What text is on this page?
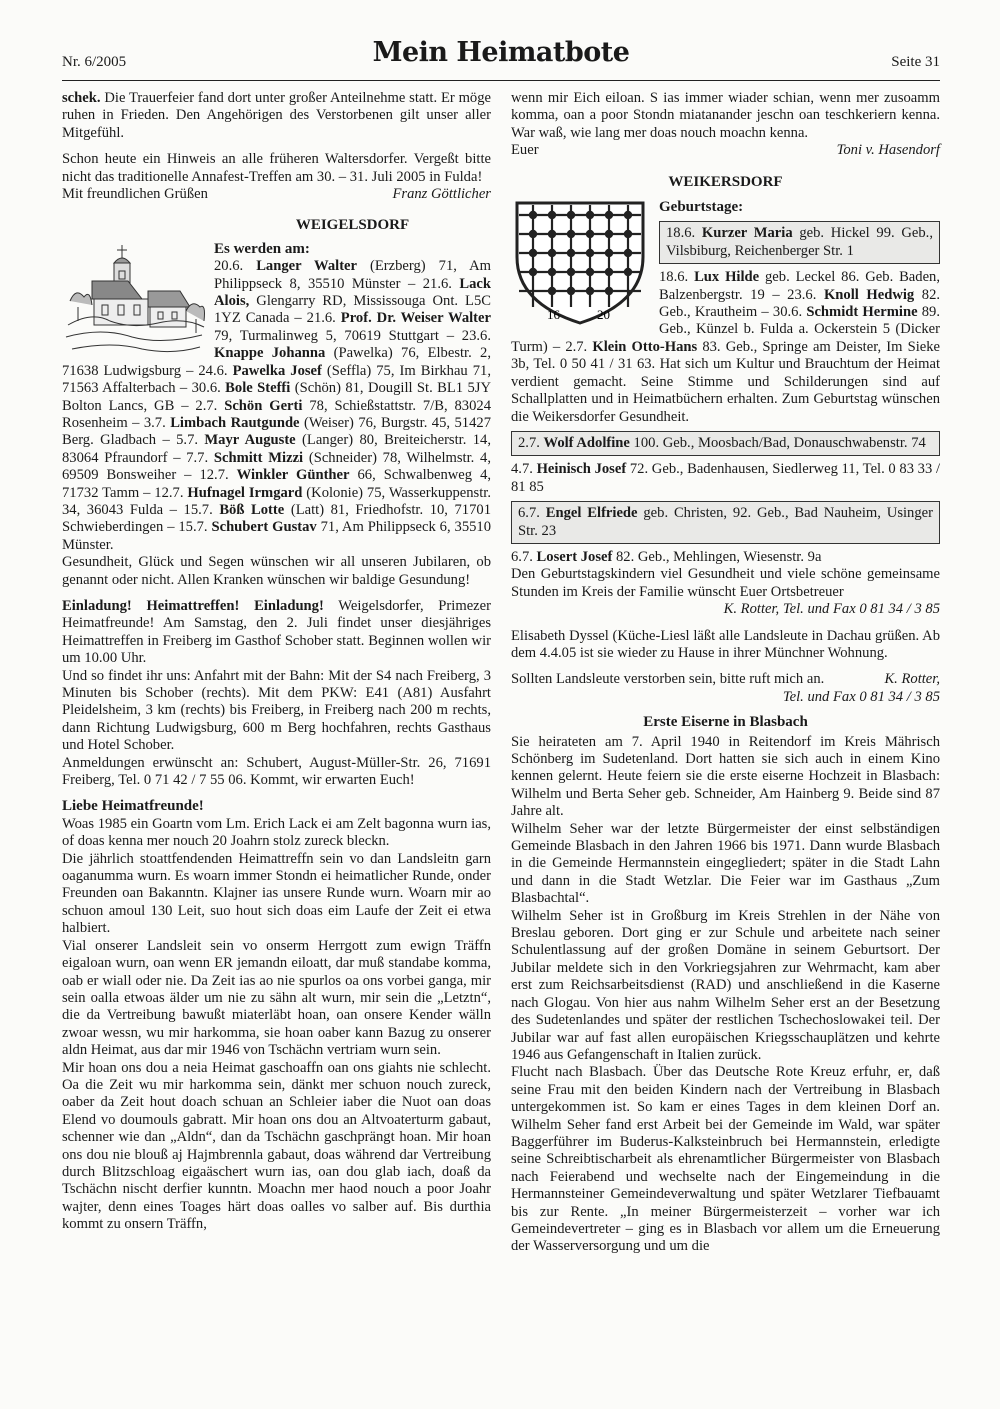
Nr. 6/2005	Mein Heimatbote	Seite 31

schek. Die Trauerfeier fand dort unter großer Anteilnehme statt. Er möge ruhen in Frieden. Den Angehörigen des Verstorbenen gilt unser aller Mitgefühl.

Schon heute ein Hinweis an alle früheren Waltersdorfer. Vergeßt bitte nicht das traditionelle Annafest-Treffen am 30. – 31. Juli 2005 in Fulda!

Mit freundlichen Grüßen	Franz Göttlicher
WEIGELSDORF

Es werden am:

20.6. Langer Walter (Erzberg) 71, Am Philippseck 8, 35510 Münster – 21.6. Lack Alois, Glengarry RD, Mississouga Ont. L5C 1YZ Canada – 21.6. Prof. Dr. Weiser Walter 79, Turmalinweg 5, 70619 Stuttgart – 23.6. Knappe Johanna (Pawelka) 76, Elbestr. 2, 71638 Ludwigsburg – 24.6. Pawelka Josef (Seffla) 75, Im Birkhau 71, 71563 Affalterbach – 30.6. Bole Steffi (Schön) 81, Dougill St. BL1 5JY Bolton Lancs, GB – 2.7. Schön Gerti 78, Schießstattstr. 7/B, 83024 Rosenheim – 3.7. Limbach Rautgunde (Weiser) 76, Burgstr. 45, 51427 Berg. Gladbach – 5.7. Mayr Auguste (Langer) 80, Breiteicherstr. 14, 83064 Pfraundorf – 7.7. Schmitt Mizzi (Schneider) 78, Wilhelmstr. 4, 69509 Bonsweiher – 12.7. Winkler Günther 66, Schwalbenweg 4, 71732 Tamm – 12.7. Hufnagel Irmgard (Kolonie) 75, Wasserkuppenstr. 34, 36043 Fulda – 15.7. Böß Lotte (Latt) 81, Friedhofstr. 10, 71701 Schwieberdingen – 15.7. Schubert Gustav 71, Am Philippseck 6, 35510 Münster.

Gesundheit, Glück und Segen wünschen wir all unseren Jubilaren, ob genannt oder nicht. Allen Kranken wünschen wir baldige Gesundung!

Einladung! Heimattreffen! Einladung! Weigelsdorfer, Primezer Heimatfreunde! Am Samstag, den 2. Juli findet unser diesjähriges Heimattreffen in Freiberg im Gasthof Schober statt. Beginnen wollen wir um 10.00 Uhr.

Und so findet ihr uns: Anfahrt mit der Bahn: Mit der S4 nach Freiberg, 3 Minuten bis Schober (rechts). Mit dem PKW: E41 (A81) Ausfahrt Pleidelsheim, 3 km (rechts) bis Freiberg, in Freiberg nach 200 m rechts, dann Richtung Ludwigsburg, 600 m Berg hochfahren, rechts Gasthaus und Hotel Schober.

Anmeldungen erwünscht an: Schubert, August-Müller-Str. 26, 71691 Freiberg, Tel. 0 71 42 / 7 55 06. Kommt, wir erwarten Euch!

Liebe Heimatfreunde!

Woas 1985 ein Goartn vom Lm. Erich Lack ei am Zelt bagonna wurn ias, of doas kenna mer nouch 20 Joahrn stolz zureck bleckn.

Die jährlich stoattfendenden Heimattreffn sein vo dan Landsleitn garn oaganumma wurn. Es woarn immer Stondn ei heimatlicher Runde, onder Freunden oan Bakanntn. Klajner ias unsere Runde wurn. Woarn mir ao schuon amoul 130 Leit, suo hout sich doas eim Laufe der Zeit ei etwa halbiert.

Vial onserer Landsleit sein vo onserm Herrgott zum ewign Träffn eigaloan wurn, oan wenn ER jemandn eiloatt, dar muß standabe komma, oab er wiall oder nie. Da Zeit ias ao nie spurlos oa ons vorbei ganga, mir sein oalla etwoas älder um nie zu sähn alt wurn, mir sein die „Letztn“, die da Vertreibung bawußt miaterläbt hoan, oan onsere Kender wälln zwoar wessn, wu mir harkomma, sie hoan oaber kann Bazug zu onserer aldn Heimat, aus dar mir 1946 von Tschächn vertriam wurn sein.

Mir hoan ons dou a neia Heimat gaschoaffn oan ons giahts nie schlecht. Oa die Zeit wu mir harkomma sein, dänkt mer schuon nouch zureck, oaber da Zeit hout doach schuan an Schleier iaber die Nuot oan doas Elend vo doumouls gabratt. Mir hoan ons dou an Altvoaterturm gabaut, schenner wie dan „Aldn“, dan da Tschächn gaschprängt hoan. Mir hoan ons dou nie blouß aj Hajmbrennla gabaut, doas während dar Vertreibung durch Blitzschloag eigaäschert wurn ias, oan dou glab iach, doaß da Tschächn nischt derfier kunntn. Moachn mer haod nouch a poor Joahr wajter, denn eines Toages härt doas oalles vo salber auf. Bis durthia kommt zu onsern Träffn,

wenn mir Eich eiloan. S ias immer wiader schian, wenn mer zusoamm komma, oan a poor Stondn miatanander jeschn oan teschkeriern kenna. War waß, wie lang mer doas nouch moachn kenna.

Euer	Toni v. Hasendorf
WEIKERSDORF
16	20

Geburtstage:

18.6. Kurzer Maria geb. Hickel 99. Geb., Vilsbiburg, Reichenberger Str. 1

18.6. Lux Hilde geb. Leckel 86. Geb. Baden, Balzenbergstr. 19 – 23.6. Knoll Hedwig 82. Geb., Krautheim – 30.6. Schmidt Hermine 89. Geb., Künzel b. Fulda a. Ockerstein 5 (Dicker Turm) – 2.7. Klein Otto-Hans 83. Geb., Springe am Deister, Im Sieke 3b, Tel. 0 50 41 / 31 63. Hat sich um Kultur und Brauchtum der Heimat verdient gemacht. Seine Stimme und Schilderungen sind auf Schallplatten und in Heimatbüchern erhalten. Zum Geburtstag wünschen die Weikersdorfer Gesundheit.

2.7. Wolf Adolfine 100. Geb., Moosbach/Bad, Donauschwabenstr. 74

4.7. Heinisch Josef 72. Geb., Badenhausen, Siedlerweg 11, Tel. 0 83 33 / 81 85

6.7. Engel Elfriede geb. Christen, 92. Geb., Bad Nauheim, Usinger Str. 23

6.7. Losert Josef 82. Geb., Mehlingen, Wiesenstr. 9a

Den Geburtstagskindern viel Gesundheit und viele schöne gemeinsame Stunden im Kreis der Familie wünscht Euer Ortsbetreuer

K. Rotter, Tel. und Fax 0 81 34 / 3 85

Elisabeth Dyssel (Küche-Liesl läßt alle Landsleute in Dachau grüßen. Ab dem 4.4.05 ist sie wieder zu Hause in ihrer Münchner Wohnung.

Sollten Landsleute verstorben sein, bitte ruft mich an.	K. Rotter,

Tel. und Fax 0 81 34 / 3 85

Erste Eiserne in Blasbach

Sie heirateten am 7. April 1940 in Reitendorf im Kreis Mährisch Schönberg im Sudetenland. Dort hatten sie sich auch in einem Kino kennen gelernt. Heute feiern sie die erste eiserne Hochzeit in Blasbach: Wilhelm und Berta Seher geb. Schneider, Am Hainberg 9. Beide sind 87 Jahre alt.

Wilhelm Seher war der letzte Bürgermeister der einst selbständigen Gemeinde Blasbach in den Jahren 1966 bis 1971. Dann wurde Blasbach in die Gemeinde Hermannstein eingegliedert; später in die Stadt Lahn und dann in die Stadt Wetzlar. Die Feier war im Gasthaus „Zum Blasbachtal“.

Wilhelm Seher ist in Großburg im Kreis Strehlen in der Nähe von Breslau geboren. Dort ging er zur Schule und arbeitete nach seiner Schulentlassung auf der großen Domäne in seinem Geburtsort. Der Jubilar meldete sich in den Vorkriegsjahren zur Wehrmacht, kam aber erst zum Reichsarbeitsdienst (RAD) und anschließend in die Kaserne nach Glogau. Von hier aus nahm Wilhelm Seher erst an der Besetzung des Sudetenlandes und später der restlichen Tschechoslowakei teil. Der Jubilar war auf fast allen europäischen Kriegsschauplätzen und kehrte 1946 aus Gefangenschaft in Italien zurück.

Flucht nach Blasbach. Über das Deutsche Rote Kreuz erfuhr, er, daß seine Frau mit den beiden Kindern nach der Vertreibung in Blasbach untergekommen ist. So kam er eines Tages in dem kleinen Dorf an. Wilhelm Seher fand erst Arbeit bei der Gemeinde im Wald, war später Baggerführer im Buderus-Kalksteinbruch bei Hermannstein, erledigte seine Schreibtischarbeit als ehrenamtlicher Bürgermeister von Blasbach nach Feierabend und wechselte nach der Eingemeindung in die Hermannsteiner Gemeindeverwaltung und später Wetzlarer Tiefbauamt bis zur Rente. „In meiner Bürgermeisterzeit – vorher war ich Gemeindevertreter – ging es in Blasbach vor allem um die Erneuerung der Wasserversorgung und um die
